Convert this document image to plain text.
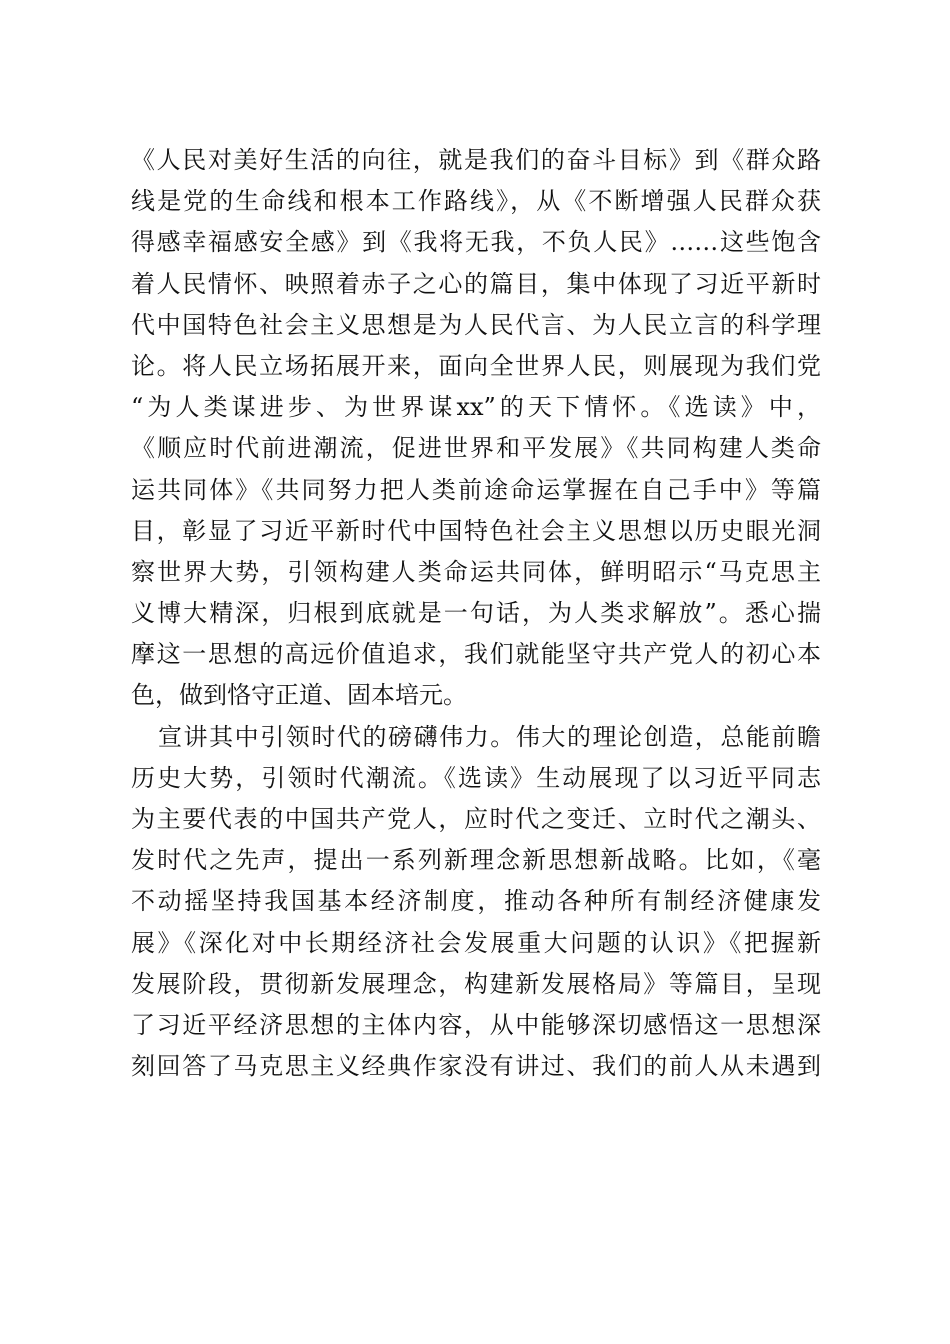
《人民对美好生活的向往，就是我们的奋斗目标》到《群众路
线是党的生命线和根本工作路线》，从《不断增强人民群众获
得感幸福感安全感》到《我将无我，不负人民》……这些饱含
着人民情怀、映照着赤子之心的篇目，集中体现了习近平新时
代中国特色社会主义思想是为人民代言、为人民立言的科学理
论。将人民立场拓展开来，面向全世界人民，则展现为我们党
“为人类谋进步、为世界谋xx”的天下情怀。《选读》中，
《顺应时代前进潮流，促进世界和平发展》《共同构建人类命
运共同体》《共同努力把人类前途命运掌握在自己手中》等篇
目，彰显了习近平新时代中国特色社会主义思想以历史眼光洞
察世界大势，引领构建人类命运共同体，鲜明昭示“马克思主
义博大精深，归根到底就是一句话，为人类求解放”。悉心揣
摩这一思想的高远价值追求，我们就能坚守共产党人的初心本
色，做到恪守正道、固本培元。
宣讲其中引领时代的磅礴伟力。伟大的理论创造，总能前瞻
历史大势，引领时代潮流。《选读》生动展现了以习近平同志
为主要代表的中国共产党人，应时代之变迁、立时代之潮头、
发时代之先声，提出一系列新理念新思想新战略。比如，《毫
不动摇坚持我国基本经济制度，推动各种所有制经济健康发
展》《深化对中长期经济社会发展重大问题的认识》《把握新
发展阶段，贯彻新发展理念，构建新发展格局》等篇目，呈现
了习近平经济思想的主体内容，从中能够深切感悟这一思想深
刻回答了马克思主义经典作家没有讲过、我们的前人从未遇到
